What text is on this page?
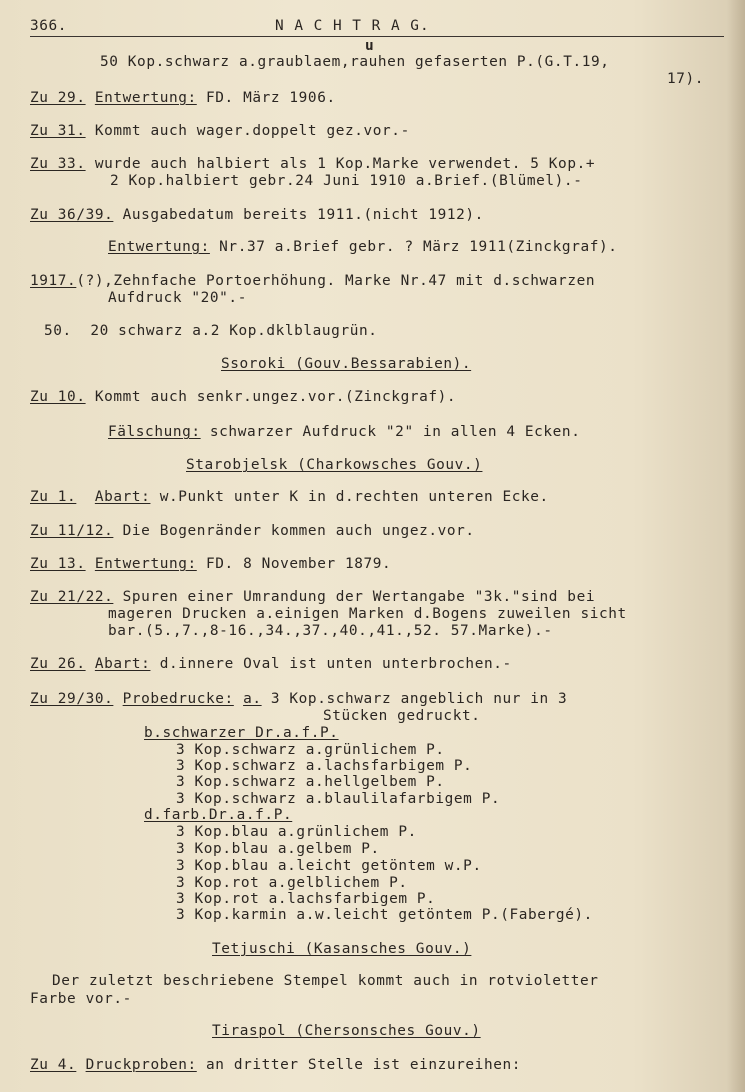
366.	N A C H T R A G.

u

50 Kop.schwarz a.graublaem,rauhen gefaserten P.(G.T.19,

17).

Zu 29. Entwertung: FD. März 1906.

Zu 31. Kommt auch wager.doppelt gez.vor.-

Zu 33. wurde auch halbiert als 1 Kop.Marke verwendet. 5 Kop.+

2 Kop.halbiert gebr.24 Juni 1910 a.Brief.(Blümel).-

Zu 36/39. Ausgabedatum bereits 1911.(nicht 1912).

Entwertung: Nr.37 a.Brief gebr. ? März 1911(Zinckgraf).

1917.(?),Zehnfache Portoerhöhung. Marke Nr.47 mit d.schwarzen

Aufdruck "20".-

50.  20 schwarz a.2 Kop.dklblaugrün.

Ssoroki (Gouv.Bessarabien).

Zu 10. Kommt auch senkr.ungez.vor.(Zinckgraf).

Fälschung: schwarzer Aufdruck "2" in allen 4 Ecken.

Starobjelsk (Charkowsches Gouv.)

Zu 1. Abart: w.Punkt unter K in d.rechten unteren Ecke.

Zu 11/12. Die Bogenränder kommen auch ungez.vor.

Zu 13. Entwertung: FD. 8 November 1879.

Zu 21/22. Spuren einer Umrandung der Wertangabe "3k."sind bei

mageren Drucken a.einigen Marken d.Bogens zuweilen sicht

bar.(5.,7.,8-16.,34.,37.,40.,41.,52. 57.Marke).-

Zu 26. Abart: d.innere Oval ist unten unterbrochen.-

Zu 29/30. Probedrucke: a. 3 Kop.schwarz angeblich nur in 3

Stücken gedruckt.

b.schwarzer Dr.a.f.P.

3 Kop.schwarz a.grünlichem P.

3 Kop.schwarz a.lachsfarbigem P.

3 Kop.schwarz a.hellgelbem P.

3 Kop.schwarz a.blaulilafarbigem P.

d.farb.Dr.a.f.P.

3 Kop.blau a.grünlichem P.

3 Kop.blau a.gelbem P.

3 Kop.blau a.leicht getöntem w.P.

3 Kop.rot a.gelblichem P.

3 Kop.rot a.lachsfarbigem P.

3 Kop.karmin a.w.leicht getöntem P.(Fabergé).

Tetjuschi (Kasansches Gouv.)

Der zuletzt beschriebene Stempel kommt auch in rotvioletter

Farbe vor.-

Tiraspol (Chersonsches Gouv.)

Zu 4. Druckproben: an dritter Stelle ist einzureihen:
